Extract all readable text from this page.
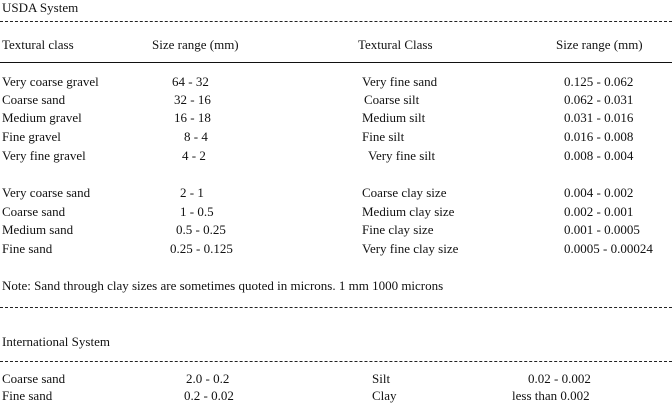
USDA System
Textural class	Size range (mm)	Textural Class	Size range (mm)
Very coarse gravel	64 - 32	Very fine sand	0.125 - 0.062
Coarse sand	32 - 16	Coarse silt	0.062 - 0.031
Medium gravel	16 - 18	Medium silt	0.031 - 0.016
Fine gravel	8 - 4	Fine silt	0.016 - 0.008
Very fine gravel	4 - 2	Very fine silt	0.008 - 0.004
Very coarse sand	2 - 1	Coarse clay size	0.004 - 0.002
Coarse sand	1 - 0.5	Medium clay size	0.002 - 0.001
Medium sand	0.5 - 0.25	Fine clay size	0.001 - 0.0005
Fine sand	0.25 - 0.125	Very fine clay size	0.0005 - 0.00024
Note: Sand through clay sizes are sometimes quoted in microns. 1 mm 1000 microns
International System
Coarse sand	2.0 - 0.2	Silt	0.02 - 0.002
Fine sand	0.2 - 0.02	Clay	less than 0.002
